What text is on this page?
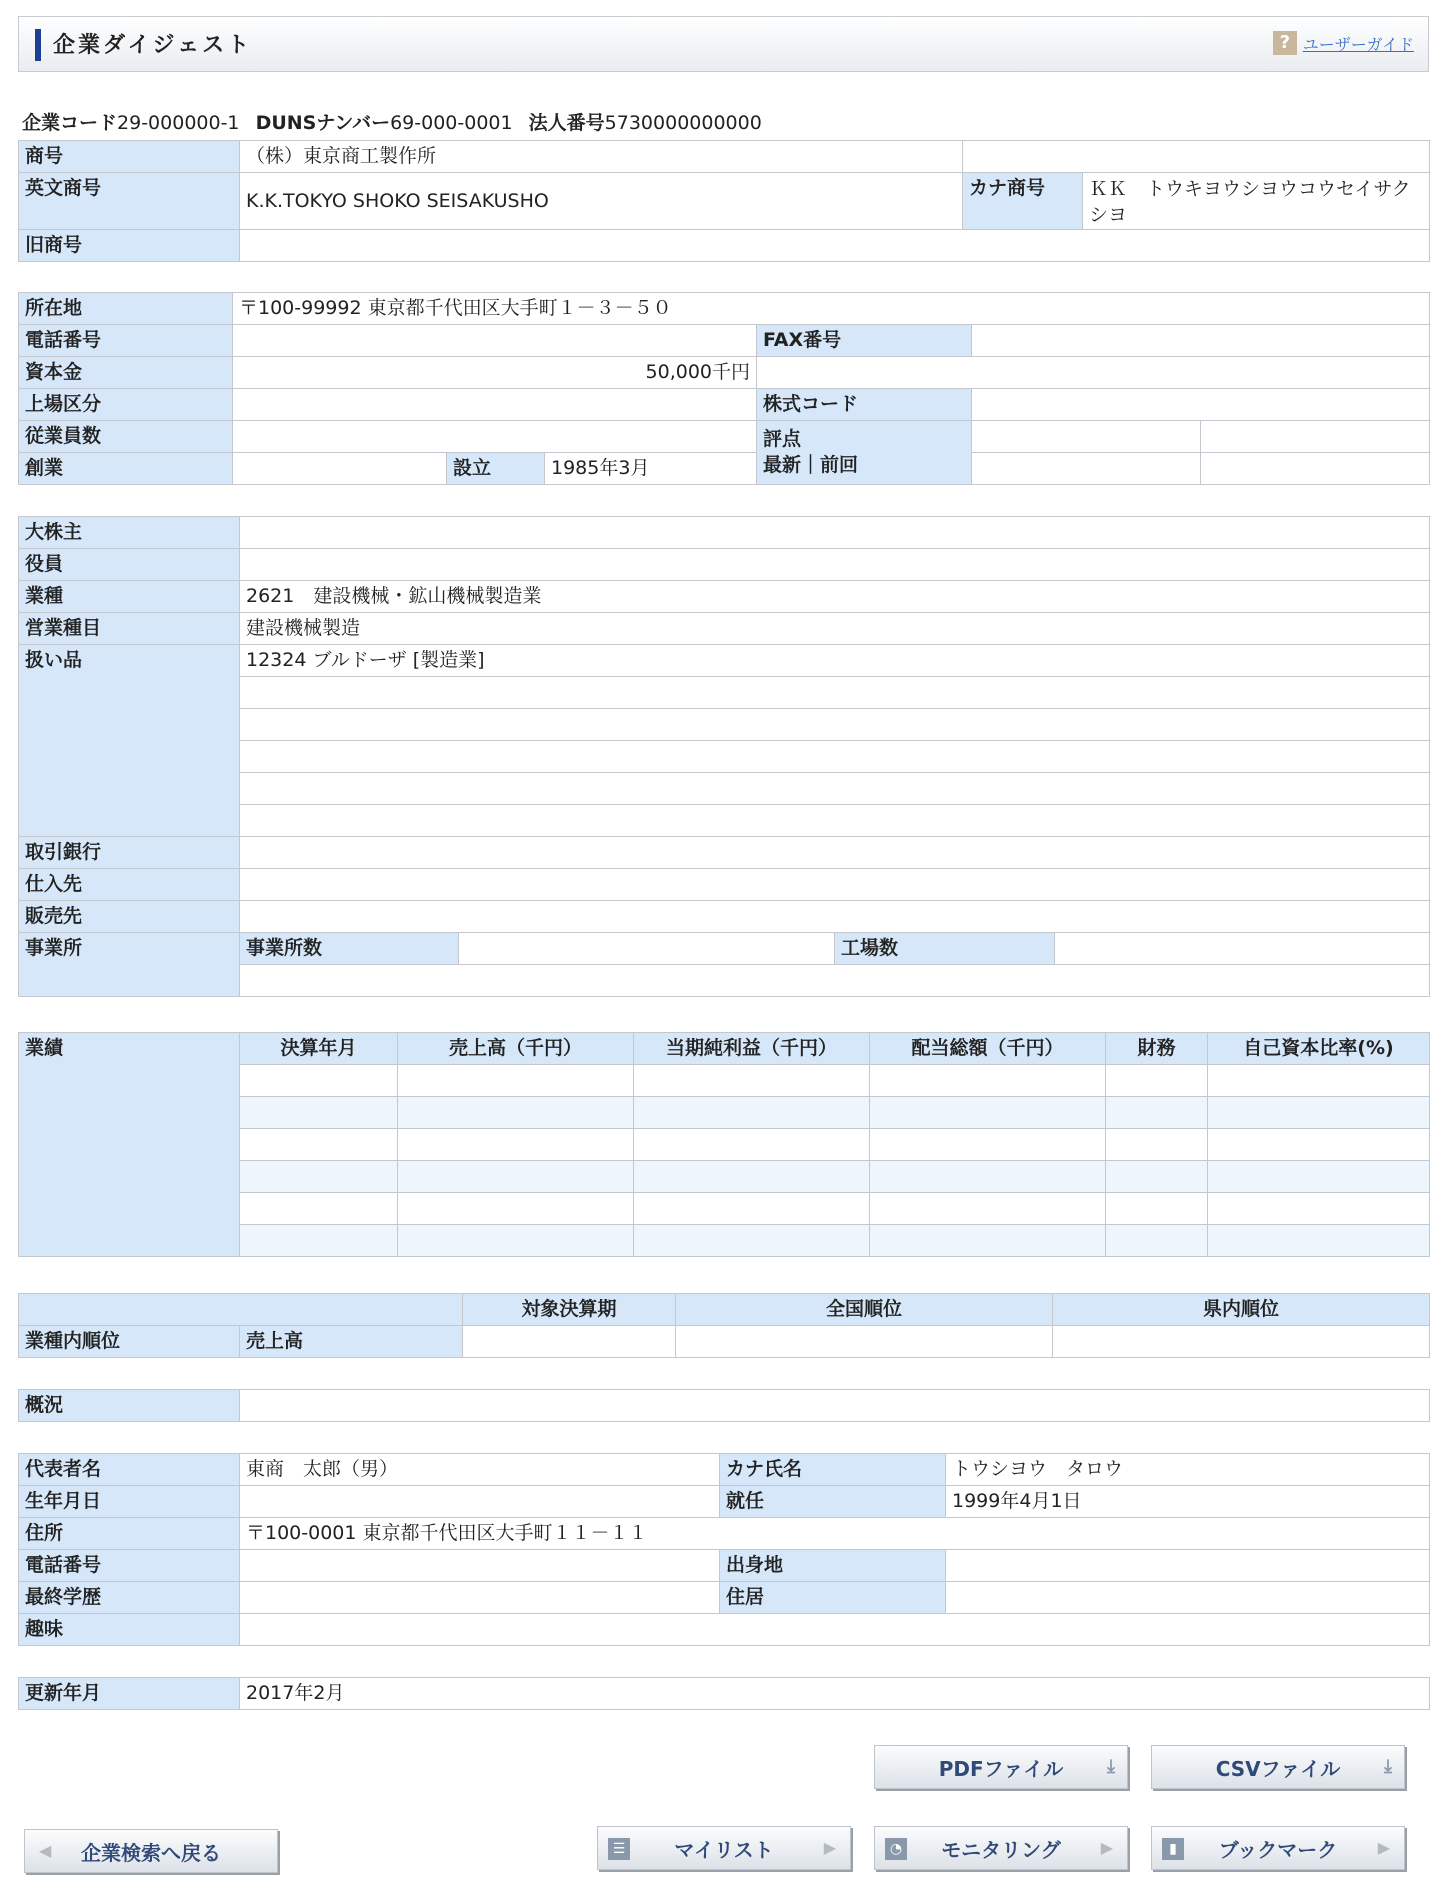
企業ダイジェスト	? ユーザーガイド
企業コード29-000000-1 DUNSナンバー69-000-0001 法人番号5730000000000
商号	（株）東京商工製作所		
英文商号	K.K.TOKYO SHOKO SEISAKUSHO	カナ商号	ＫＫ　トウキヨウシヨウコウセイサクシヨ
旧商号			
所在地	〒100-99992 東京都千代田区大手町１－３－５０					
電話番号				FAX番号		
資本金	50,000千円					
上場区分				株式コード		
従業員数				評点
最新｜前回		

創業		設立	1985年3月			
大株主				
役員				
業種	2621　建設機械・鉱山機械製造業			
営業種目	建設機械製造			
扱い品	12324 ブルドーザ [製造業]			

取引銀行				
仕入先				
販売先				
事業所	事業所数		工場数	

業績	決算年月	売上高（千円）	当期純利益（千円）	配当総額（千円）	財務	自己資本比率(%)

		対象決算期	全国順位	県内順位
業種内順位	売上高			
概況	
代表者名	東商　太郎（男）	カナ氏名	トウシヨウ　タロウ
生年月日		就任	1999年4月1日
住所	〒100-0001 東京都千代田区大手町１１－１１		
電話番号		出身地	
最終学歴		住居	
趣味			
更新年月	2017年2月
PDFファイル ⤓	CSVファイル ⤓
◀ 企業検索へ戻る	☰ マイリスト	▶	◔ モニタリング ▶	▮	ブックマーク	▶
